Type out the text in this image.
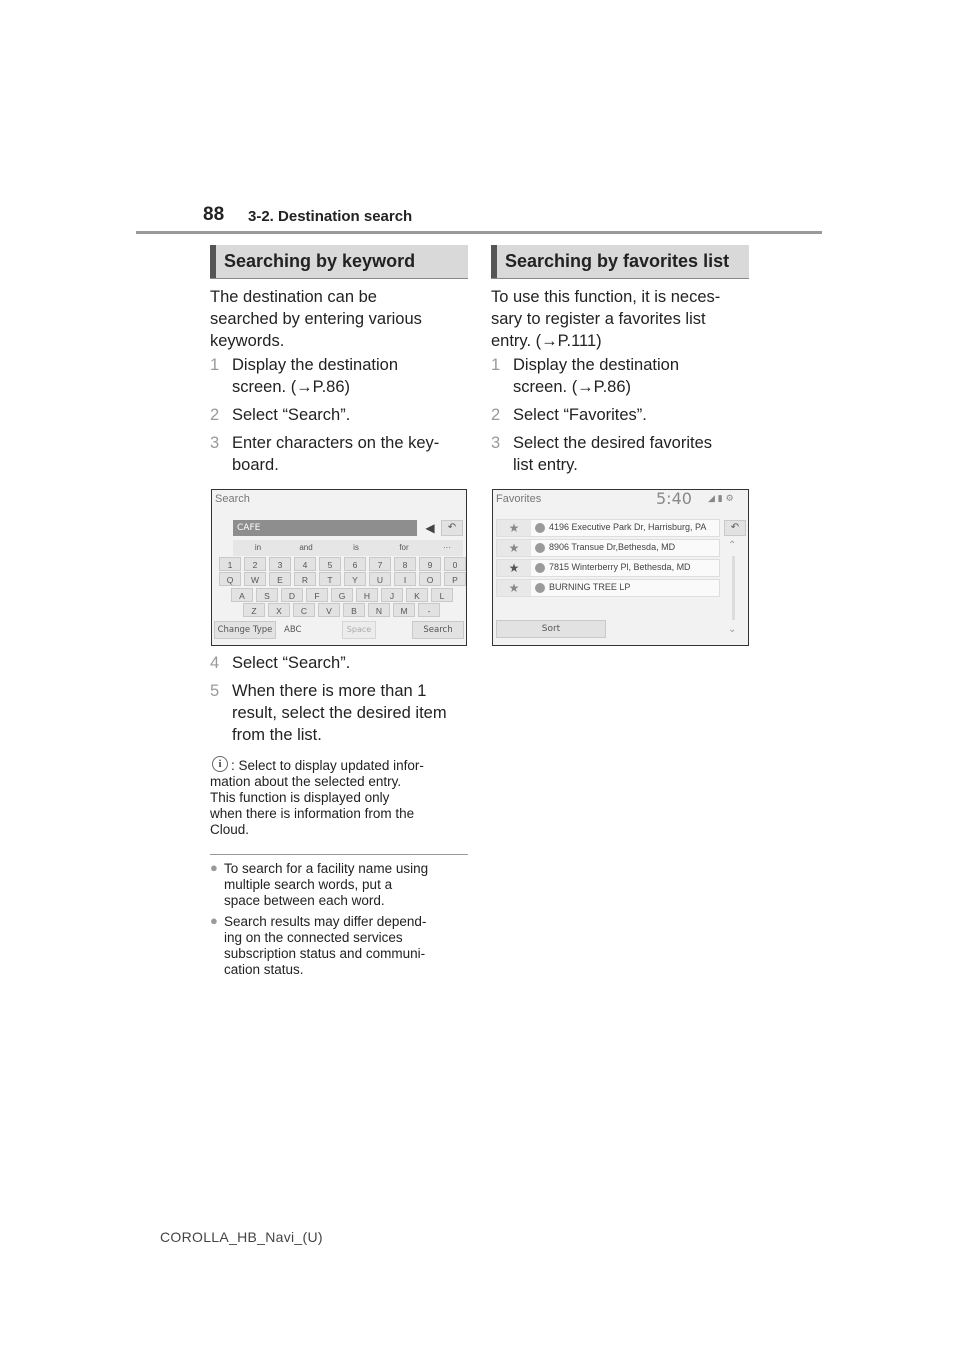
88 3-2. Destination search
Searching by keyword
The destination can be
searched by entering various
keywords.
1 Display the destination
screen. (→P.86)
2 Select “Search”.
3 Enter characters on the key-
board.
Search
CAFE	◀	↶
in	and	is	for	···
1	2	3	4	5	6	7	8	9	0
Q	W	E	R	T	Y	U	I	O	P
A	S	D	F	G	H	J	K	L
Z	X	C	V	B	N	M	-
Change Type	ABC	Space	Search
4 Select “Search”.
5 When there is more than 1
result, select the desired item
from the list.
i : Select to display updated infor-
mation about the selected entry.
This function is displayed only
when there is information from the
Cloud.
● To search for a facility name using
multiple search words, put a
space between each word.
● Search results may differ depend-
ing on the connected services
subscription status and communi-
cation status.
Searching by favorites list
To use this function, it is neces-
sary to register a favorites list
entry. (→P.111)
1 Display the destination
screen. (→P.86)
2 Select “Favorites”.
3 Select the desired favorites
list entry.
Favorites	5:40 ◢ ▮ ⚙
★	4196 Executive Park Dr, Harrisburg, PA
★	8906 Transue Dr,Bethesda, MD
★	7815 Winterberry Pl, Bethesda, MD
★	BURNING TREE LP
↶
⌃
⌄
Sort
COROLLA_HB_Navi_(U)
